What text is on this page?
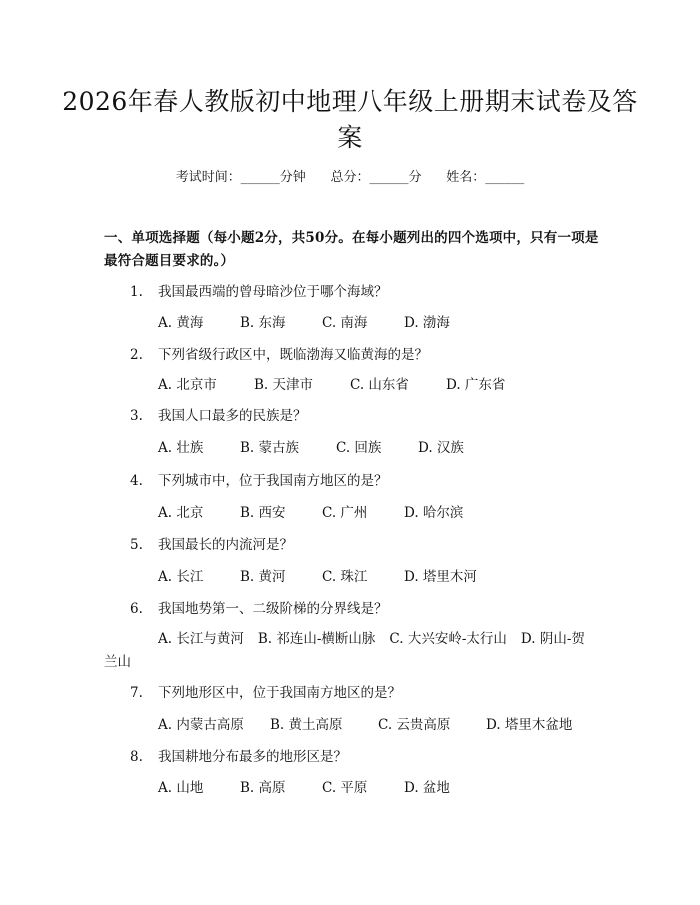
2026年春人教版初中地理八年级上册期末试卷及答案
考试时间：______分钟      总分：______分      姓名：______
一、单项选择题（每小题2分，共50分。在每小题列出的四个选项中，只有一项是最符合题目要求的。）
1. 我国最西端的曾母暗沙位于哪个海域？
A. 黄海	B. 东海	C. 南海	D. 渤海
2. 下列省级行政区中，既临渤海又临黄海的是？
A. 北京市	B. 天津市	C. 山东省	D. 广东省
3. 我国人口最多的民族是？
A. 壮族	B. 蒙古族	C. 回族	D. 汉族
4. 下列城市中，位于我国南方地区的是？
A. 北京	B. 西安	C. 广州	D. 哈尔滨
5. 我国最长的内流河是？
A. 长江	B. 黄河	C. 珠江	D. 塔里木河
6. 我国地势第一、二级阶梯的分界线是？
A. 长江与黄河 B. 祁连山-横断山脉 C. 大兴安岭-太行山 D. 阴山-贺兰山
7. 下列地形区中，位于我国南方地区的是？
A. 内蒙古高原 B. 黄土高原	C. 云贵高原	D. 塔里木盆地
8. 我国耕地分布最多的地形区是？
A. 山地	B. 高原	C. 平原	D. 盆地
